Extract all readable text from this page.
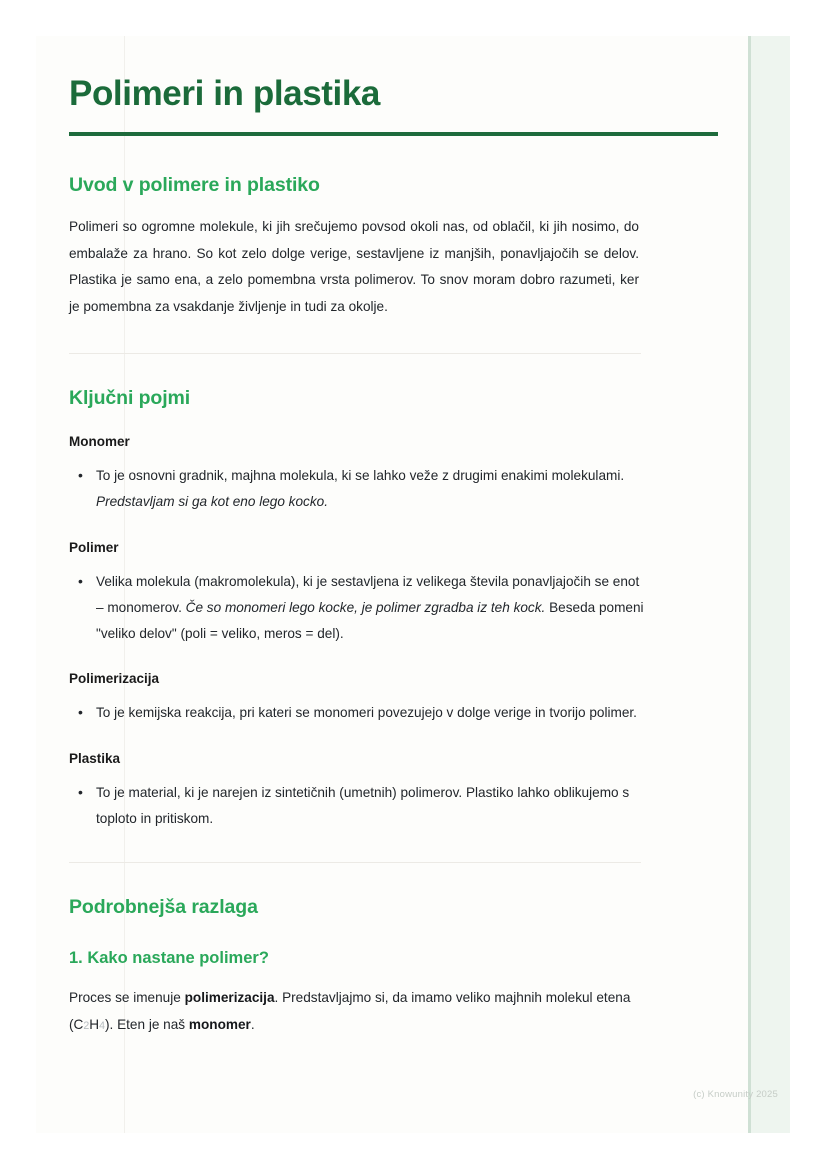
Polimeri in plastika
Uvod v polimere in plastiko

Polimeri so ogromne molekule, ki jih srečujemo povsod okoli nas, od oblačil, ki jih nosimo, do embalaže za hrano. So kot zelo dolge verige, sestavljene iz manjših, ponavljajočih se delov. Plastika je samo ena, a zelo pomembna vrsta polimerov. To snov moram dobro razumeti, ker je pomembna za vsakdanje življenje in tudi za okolje.

Ključni pojmi
Monomer
• To je osnovni gradnik, majhna molekula, ki se lahko veže z drugimi enakimi molekulami. Predstavljam si ga kot eno lego kocko.
Polimer
• Velika molekula (makromolekula), ki je sestavljena iz velikega števila ponavljajočih se enot – monomerov. Če so monomeri lego kocke, je polimer zgradba iz teh kock. Beseda pomeni "veliko delov" (poli = veliko, meros = del).
Polimerizacija
• To je kemijska reakcija, pri kateri se monomeri povezujejo v dolge verige in tvorijo polimer.
Plastika
• To je material, ki je narejen iz sintetičnih (umetnih) polimerov. Plastiko lahko oblikujemo s toploto in pritiskom.
Podrobnejša razlaga
1. Kako nastane polimer?

Proces se imenuje polimerizacija. Predstavljajmo si, da imamo veliko majhnih molekul etena $(C_2H_4)$. Eten je naš monomer.

(c) Knowunity 2025
